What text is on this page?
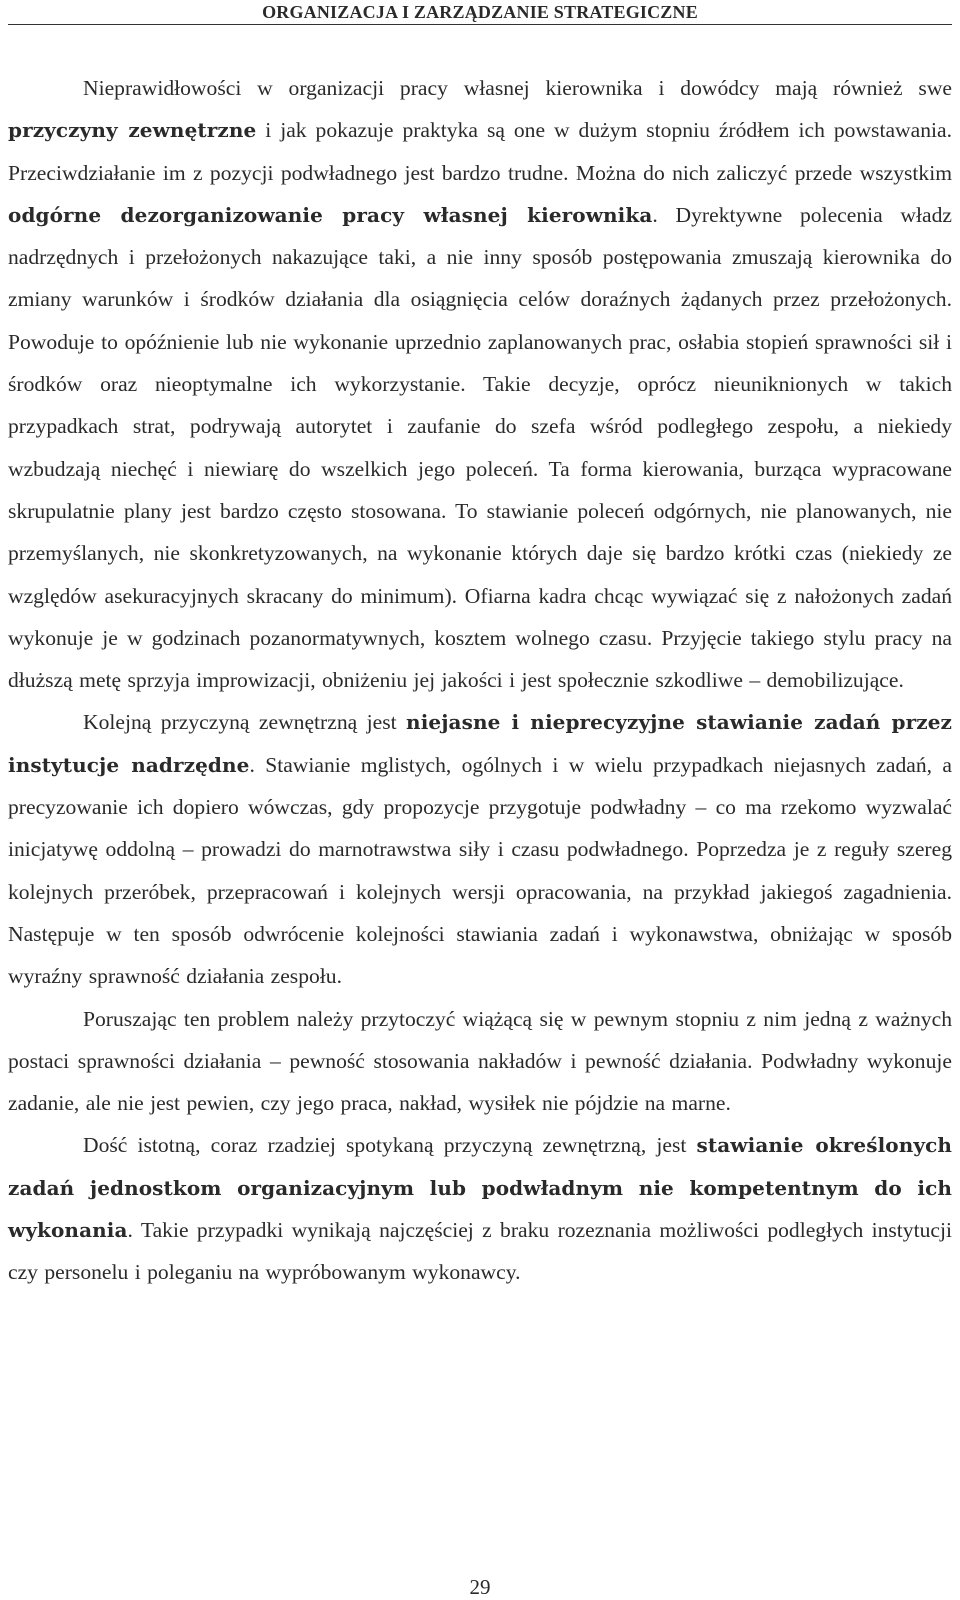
ORGANIZACJA I ZARZĄDZANIE STRATEGICZNE

Nieprawidłowości w organizacji pracy własnej kierownika i dowódcy mają również swe przyczyny zewnętrzne i jak pokazuje praktyka są one w dużym stopniu źródłem ich powstawania. Przeciwdziałanie im z pozycji podwładnego jest bardzo trudne. Można do nich zaliczyć przede wszystkim odgórne dezorganizowanie pracy własnej kierownika. Dyrektywne polecenia władz nadrzędnych i przełożonych nakazujące taki, a nie inny sposób postępowania zmuszają kierownika do zmiany warunków i środków działania dla osiągnięcia celów doraźnych żądanych przez przełożonych. Powoduje to opóźnienie lub nie wykonanie uprzednio zaplanowanych prac, osłabia stopień sprawności sił i środków oraz nieoptymalne ich wykorzystanie. Takie decyzje, oprócz nieuniknionych w takich przypadkach strat, podrywają autorytet i zaufanie do szefa wśród podległego zespołu, a niekiedy wzbudzają niechęć i niewiarę do wszelkich jego poleceń. Ta forma kierowania, burząca wypracowane skrupulatnie plany jest bardzo często stosowana. To stawianie poleceń odgórnych, nie planowanych, nie przemyślanych, nie skonkretyzowanych, na wykonanie których daje się bardzo krótki czas (niekiedy ze względów asekuracyjnych skracany do minimum). Ofiarna kadra chcąc wywiązać się z nałożonych zadań wykonuje je w godzinach pozanormatywnych, kosztem wolnego czasu. Przyjęcie takiego stylu pracy na dłuższą metę sprzyja improwizacji, obniżeniu jej jakości i jest społecznie szkodliwe – demobilizujące.

Kolejną przyczyną zewnętrzną jest niejasne i nieprecyzyjne stawianie zadań przez instytucje nadrzędne. Stawianie mglistych, ogólnych i w wielu przypadkach niejasnych zadań, a precyzowanie ich dopiero wówczas, gdy propozycje przygotuje podwładny – co ma rzekomo wyzwalać inicjatywę oddolną – prowadzi do marnotrawstwa siły i czasu podwładnego. Poprzedza je z reguły szereg kolejnych przeróbek, przepracowań i kolejnych wersji opracowania, na przykład jakiegoś zagadnienia. Następuje w ten sposób odwrócenie kolejności stawiania zadań i wykonawstwa, obniżając w sposób wyraźny sprawność działania zespołu.

Poruszając ten problem należy przytoczyć wiążącą się w pewnym stopniu z nim jedną z ważnych postaci sprawności działania – pewność stosowania nakładów i pewność działania. Podwładny wykonuje zadanie, ale nie jest pewien, czy jego praca, nakład, wysiłek nie pójdzie na marne.

Dość istotną, coraz rzadziej spotykaną przyczyną zewnętrzną, jest stawianie określonych zadań jednostkom organizacyjnym lub podwładnym nie kompetentnym do ich wykonania. Takie przypadki wynikają najczęściej z braku rozeznania możliwości podległych instytucji czy personelu i poleganiu na wypróbowanym wykonawcy.

29
